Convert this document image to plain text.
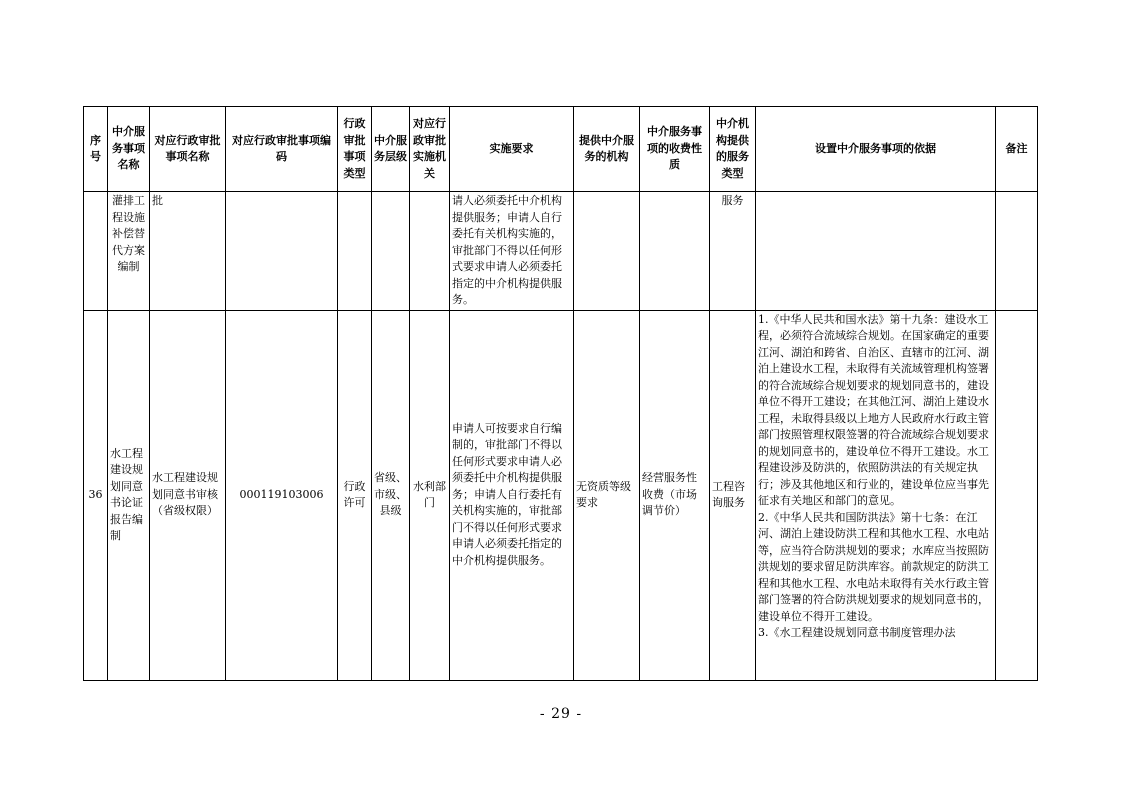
序号	中介服务事项名称	对应行政审批事项名称	对应行政审批事项编码	行政审批事项类型	中介服务层级	对应行政审批实施机关	实施要求	提供中介服务的机构	中介服务事项的收费性质	中介机构提供的服务类型	设置中介服务事项的依据	备注
	灌排工程设施补偿替代方案编制	批					请人必须委托中介机构提供服务；申请人自行委托有关机构实施的，审批部门不得以任何形式要求申请人必须委托指定的中介机构提供服务。			服务		
36	水工程建设规划同意书论证报告编制	水工程建设规划同意书审核（省级权限）	000119103006	行政许可	省级、市级、县级	水利部门	申请人可按要求自行编制的，审批部门不得以任何形式要求申请人必须委托中介机构提供服务；申请人自行委托有关机构实施的，审批部门不得以任何形式要求申请人必须委托指定的中介机构提供服务。	无资质等级要求	经营服务性收费（市场调节价）	工程咨询服务	1.《中华人民共和国水法》第十九条：建设水工程，必须符合流域综合规划。在国家确定的重要江河、湖泊和跨省、自治区、直辖市的江河、湖泊上建设水工程，未取得有关流域管理机构签署的符合流域综合规划要求的规划同意书的，建设单位不得开工建设；在其他江河、湖泊上建设水工程，未取得县级以上地方人民政府水行政主管部门按照管理权限签署的符合流域综合规划要求的规划同意书的，建设单位不得开工建设。水工程建设涉及防洪的，依照防洪法的有关规定执行；涉及其他地区和行业的，建设单位应当事先征求有关地区和部门的意见。
2.《中华人民共和国防洪法》第十七条：在江河、湖泊上建设防洪工程和其他水工程、水电站等，应当符合防洪规划的要求；水库应当按照防洪规划的要求留足防洪库容。前款规定的防洪工程和其他水工程、水电站未取得有关水行政主管部门签署的符合防洪规划要求的规划同意书的，建设单位不得开工建设。
3.《水工程建设规划同意书制度管理办法	

- 29 -
